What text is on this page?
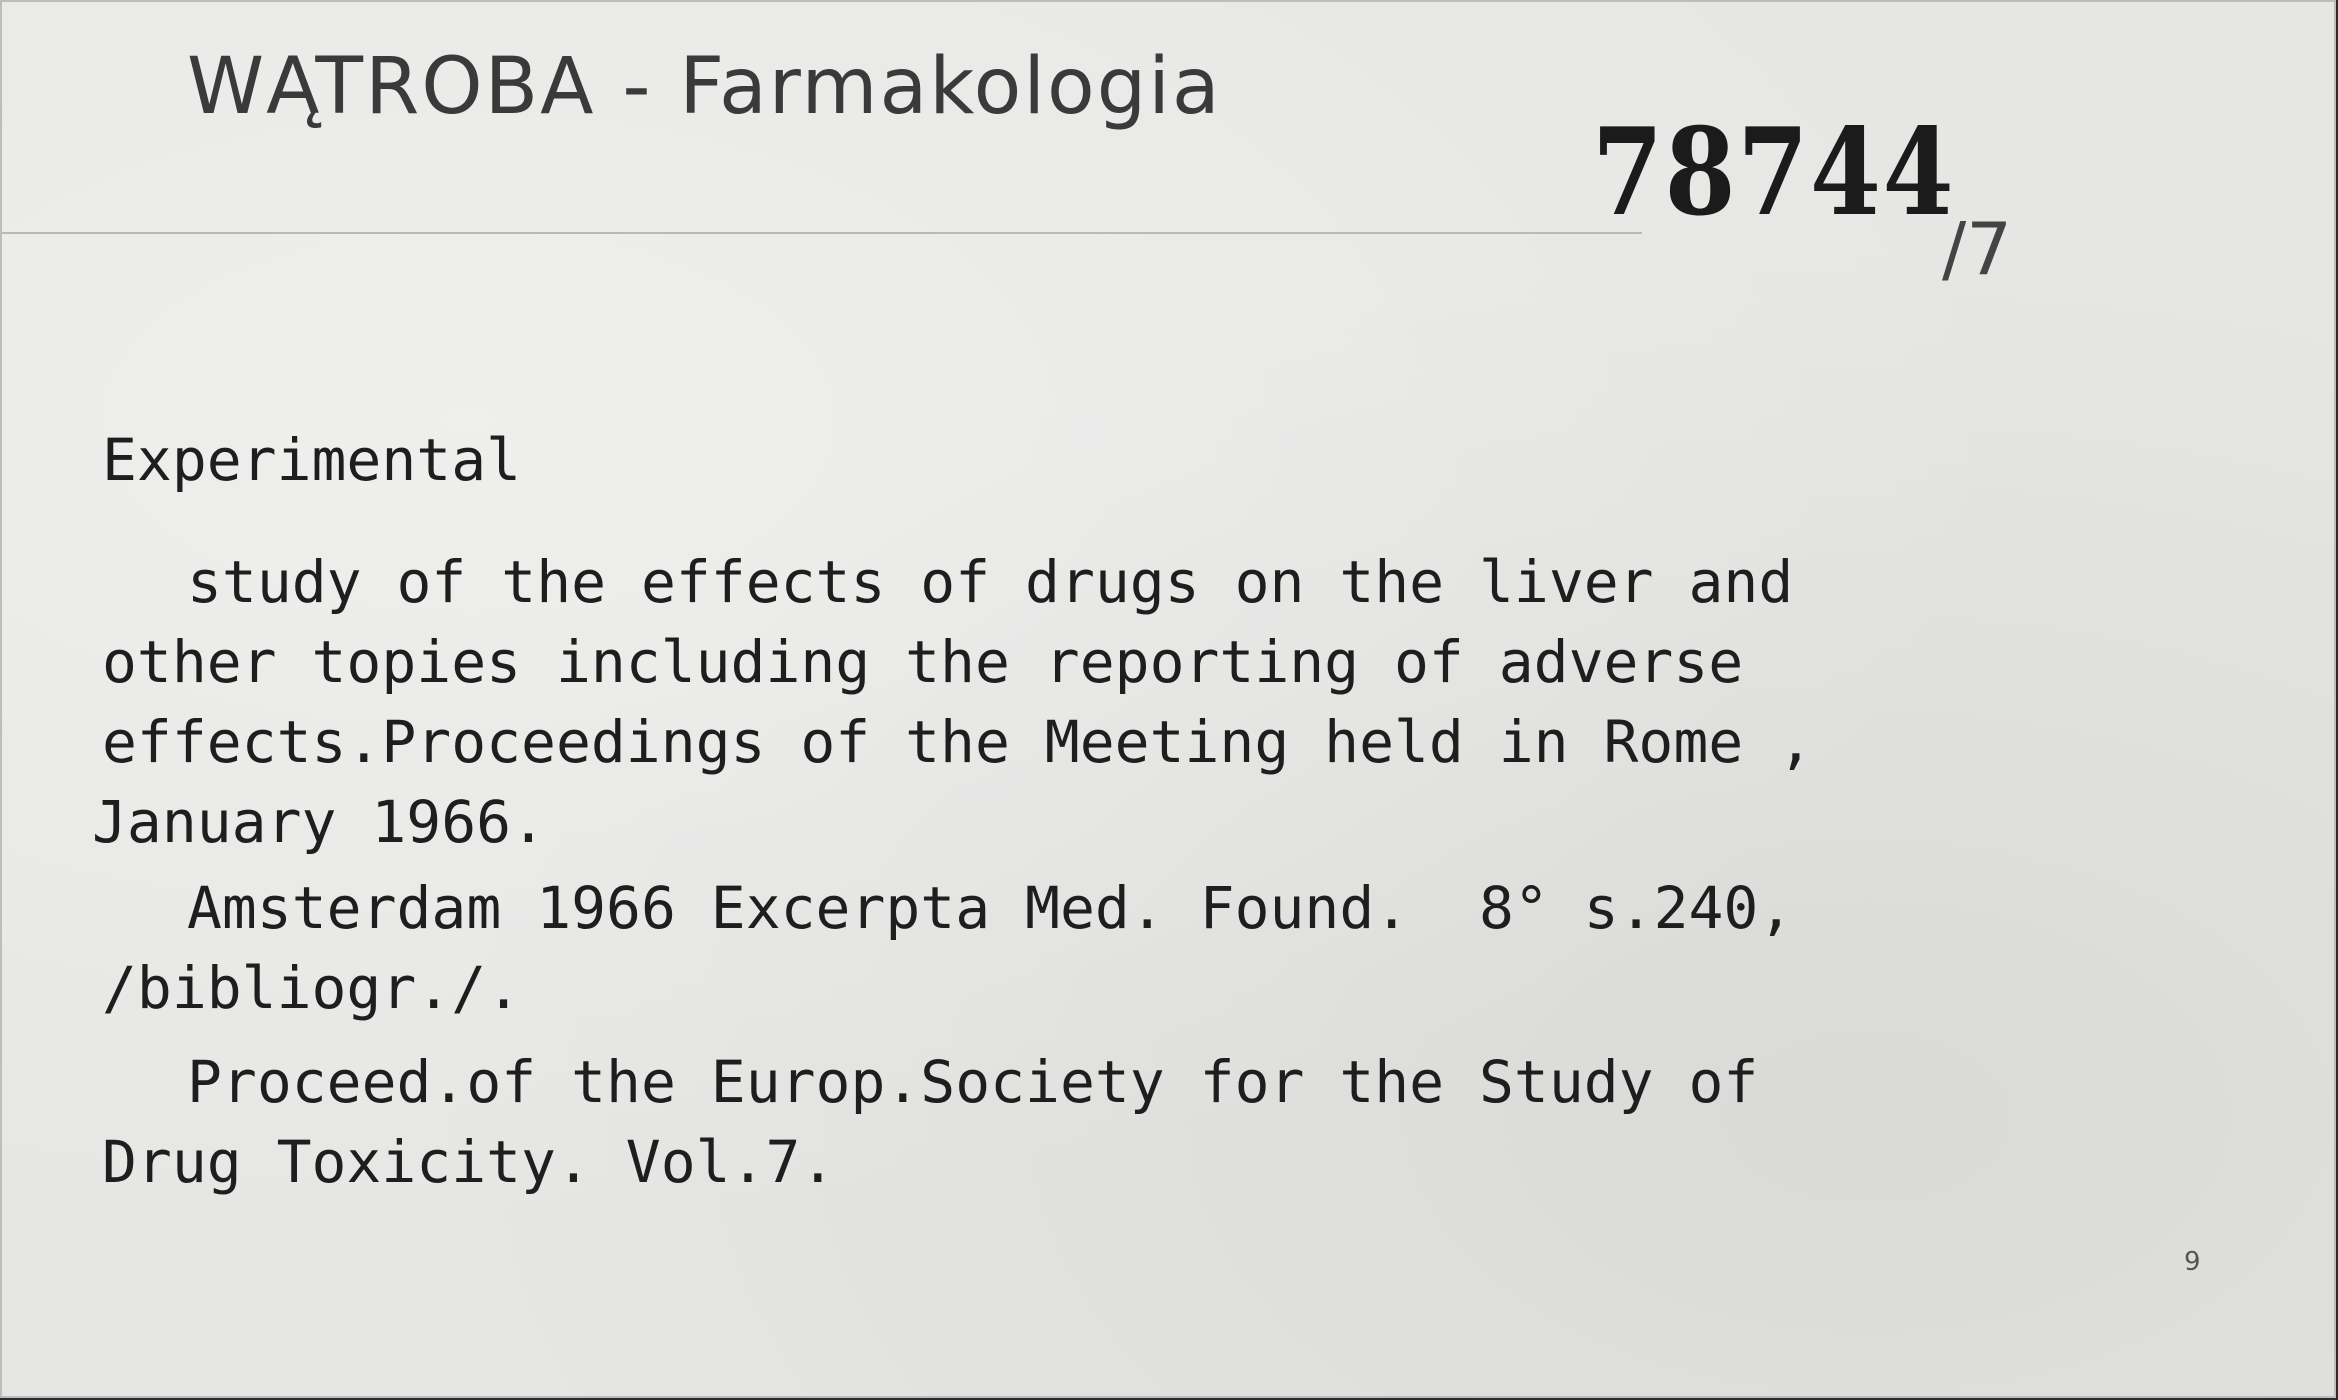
WĄTROBA - Farmakologia
78744
/7

Experimental

study of the effects of drugs on the liver and

other topies including the reporting of adverse

effects.Proceedings of the Meeting held in Rome ,

January 1966.

Amsterdam 1966 Excerpta Med. Found.  8° s.240,

/bibliogr./.

Proceed.of the Europ.Society for the Study of

Drug Toxicity. Vol.7.

9
